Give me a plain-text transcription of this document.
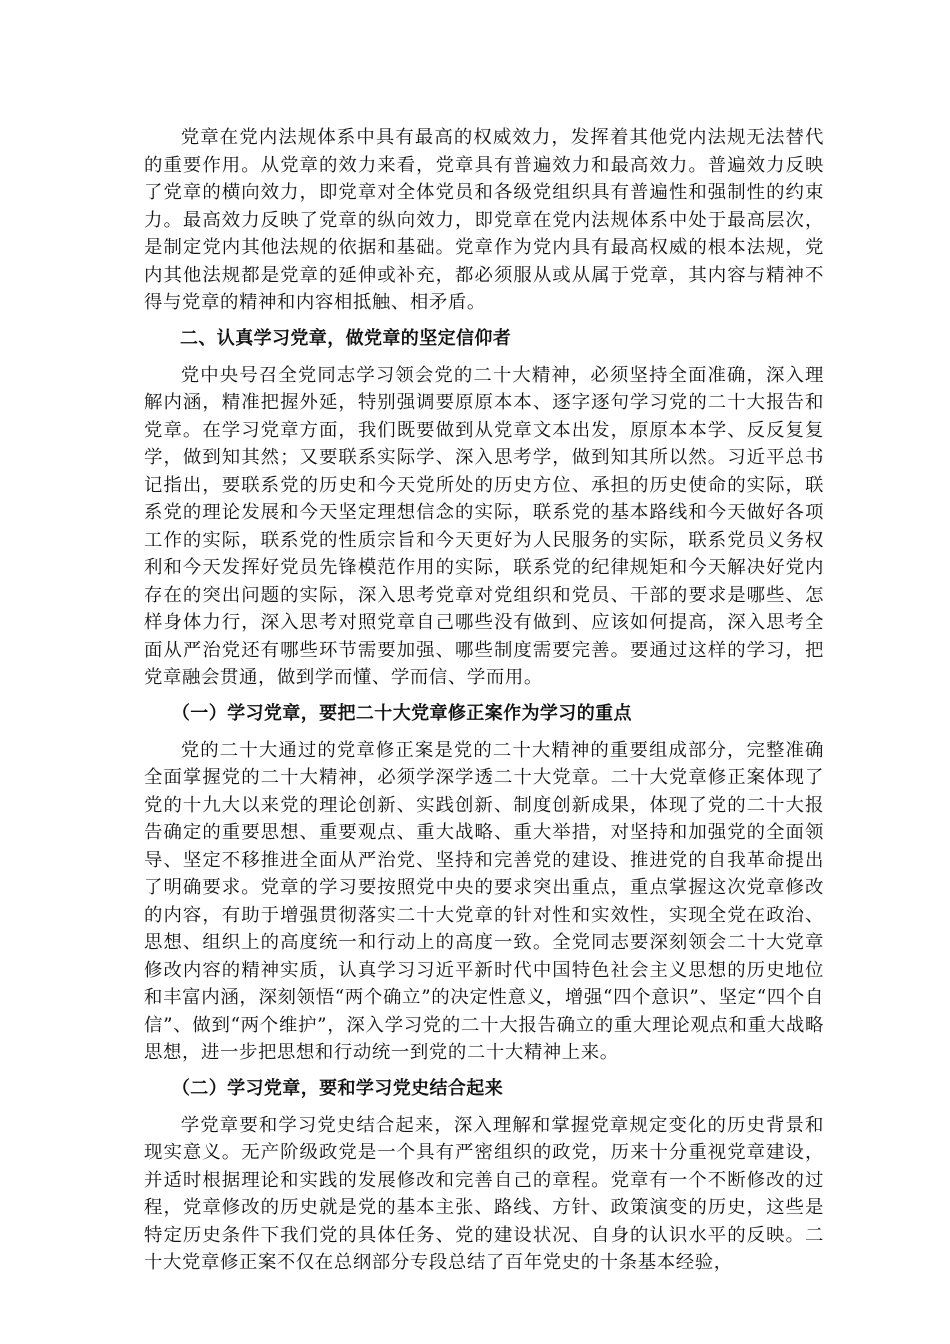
党章在党内法规体系中具有最高的权威效力，发挥着其他党内法规无法替代的重要作用。从党章的效力来看，党章具有普遍效力和最高效力。普遍效力反映了党章的横向效力，即党章对全体党员和各级党组织具有普遍性和强制性的约束力。最高效力反映了党章的纵向效力，即党章在党内法规体系中处于最高层次，是制定党内其他法规的依据和基础。党章作为党内具有最高权威的根本法规，党内其他法规都是党章的延伸或补充，都必须服从或从属于党章，其内容与精神不得与党章的精神和内容相抵触、相矛盾。

二、认真学习党章，做党章的坚定信仰者

党中央号召全党同志学习领会党的二十大精神，必须坚持全面准确，深入理解内涵，精准把握外延，特别强调要原原本本、逐字逐句学习党的二十大报告和党章。在学习党章方面，我们既要做到从党章文本出发，原原本本学、反反复复学，做到知其然；又要联系实际学、深入思考学，做到知其所以然。习近平总书记指出，要联系党的历史和今天党所处的历史方位、承担的历史使命的实际，联系党的理论发展和今天坚定理想信念的实际，联系党的基本路线和今天做好各项工作的实际，联系党的性质宗旨和今天更好为人民服务的实际，联系党员义务权利和今天发挥好党员先锋模范作用的实际，联系党的纪律规矩和今天解决好党内存在的突出问题的实际，深入思考党章对党组织和党员、干部的要求是哪些、怎样身体力行，深入思考对照党章自己哪些没有做到、应该如何提高，深入思考全面从严治党还有哪些环节需要加强、哪些制度需要完善。要通过这样的学习，把党章融会贯通，做到学而懂、学而信、学而用。

（一）学习党章，要把二十大党章修正案作为学习的重点

党的二十大通过的党章修正案是党的二十大精神的重要组成部分，完整准确全面掌握党的二十大精神，必须学深学透二十大党章。二十大党章修正案体现了党的十九大以来党的理论创新、实践创新、制度创新成果，体现了党的二十大报告确定的重要思想、重要观点、重大战略、重大举措，对坚持和加强党的全面领导、坚定不移推进全面从严治党、坚持和完善党的建设、推进党的自我革命提出了明确要求。党章的学习要按照党中央的要求突出重点，重点掌握这次党章修改的内容，有助于增强贯彻落实二十大党章的针对性和实效性，实现全党在政治、思想、组织上的高度统一和行动上的高度一致。全党同志要深刻领会二十大党章修改内容的精神实质，认真学习习近平新时代中国特色社会主义思想的历史地位和丰富内涵，深刻领悟“两个确立”的决定性意义，增强“四个意识”、坚定“四个自信”、做到“两个维护”，深入学习党的二十大报告确立的重大理论观点和重大战略思想，进一步把思想和行动统一到党的二十大精神上来。

（二）学习党章，要和学习党史结合起来

学党章要和学习党史结合起来，深入理解和掌握党章规定变化的历史背景和现实意义。无产阶级政党是一个具有严密组织的政党，历来十分重视党章建设，并适时根据理论和实践的发展修改和完善自己的章程。党章有一个不断修改的过程，党章修改的历史就是党的基本主张、路线、方针、政策演变的历史，这些是特定历史条件下我们党的具体任务、党的建设状况、自身的认识水平的反映。二十大党章修正案不仅在总纲部分专段总结了百年党史的十条基本经验，
